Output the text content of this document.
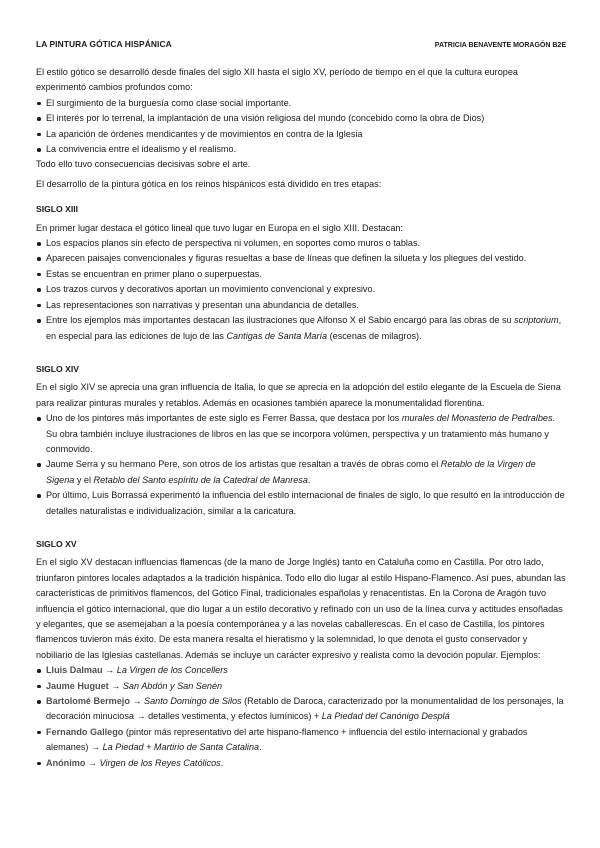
LA PINTURA GÓTICA HISPÁNICA	PATRICIA BENAVENTE MORAGÓN B2E

El estilo gótico se desarrolló desde finales del siglo XII hasta el siglo XV, período de tiempo en el que la cultura europea experimentó cambios profundos como:

El surgimiento de la burguesía como clase social importante.
El interés por lo terrenal, la implantación de una visión religiosa del mundo (concebido como la obra de Dios)
La aparición de órdenes mendicantes y de movimientos en contra de la Iglesia
La convivencia entre el idealismo y el realismo.

Todo ello tuvo consecuencias decisivas sobre el arte.

El desarrollo de la pintura gótica en los reinos hispánicos está dividido en tres etapas:

SIGLO XIII

En primer lugar destaca el gótico lineal que tuvo lugar en Europa en el siglo XIII. Destacan:

Los espacios planos sin efecto de perspectiva ni volumen, en soportes como muros o tablas.
Aparecen paisajes convencionales y figuras resueltas a base de líneas que definen la silueta y los pliegues del vestido.
Estas se encuentran en primer plano o superpuestas.
Los trazos curvos y decorativos aportan un movimiento convencional y expresivo.
Las representaciones son narrativas y presentan una abundancia de detalles.
Entre los ejemplos más importantes destacan las ilustraciones que Alfonso X el Sabio encargó para las obras de su scriptorium, en especial para las ediciones de lujo de las Cantigas de Santa María (escenas de milagros).

SIGLO XIV

En el siglo XIV se aprecia una gran influencia de Italia, lo que se aprecia en la adopción del estilo elegante de la Escuela de Siena para realizar pinturas murales y retablos. Además en ocasiones también aparece la monumentalidad florentina.

Uno de los pintores más importantes de este siglo es Ferrer Bassa, que destaca por los murales del Monasterio de Pedralbes. Su obra también incluye ilustraciones de libros en las que se incorpora volúmen, perspectiva y un tratamiento más humano y conmovido.
Jaume Serra y su hermano Pere, son otros de los artistas que resaltan a través de obras como el Retablo de la Virgen de Sigena y el Retablo del Santo espíritu de la Catedral de Manresa.
Por último, Luis Borrassá experimentó la influencia del estilo internacional de finales de siglo, lo que resultó en la introducción de detalles naturalistas e individualización, similar a la caricatura.

SIGLO XV

En el siglo XV destacan influencias flamencas (de la mano de Jorge Inglés) tanto en Cataluña como en Castilla. Por otro lado, triunfaron pintores locales adaptados a la tradición hispánica. Todo ello dio lugar al estilo Hispano-Flamenco. Así pues, abundan las características de primitivos flamencos, del Gótico Final, tradicionales españolas y renacentistas. En la Corona de Aragón tuvo influencia el gótico internacional, que dio lugar a un estilo decorativo y refinado con un uso de la línea curva y actitudes ensoñadas y elegantes, que se asemejaban a la poesía contemporánea y a las novelas caballerescas. En el caso de Castilla, los pintores flamencos tuvieron más éxito. De esta manera resalta el hieratismo y la solemnidad, lo que denota el gusto conservador y nobiliario de las Iglesias castellanas. Además se incluye un carácter expresivo y realista como la devoción popular. Ejemplos:

Lluis Dalmau → La Virgen de los Concellers
Jaume Huguet → San Abdón y San Senén
Bartolomé Bermejo → Santo Domingo de Silos (Retablo de Daroca, caracterizado por la monumentalidad de los personajes, la decoración minuciosa → detalles vestimenta, y efectos lumínicos) + La Piedad del Canónigo Desplá
Fernando Gallego (pintor más representativo del arte hispano-flamenco + influencia del estilo internacional y grabados alemanes) → La Piedad + Martirio de Santa Catalina.
Anónimo → Virgen de los Reyes Católicos.
